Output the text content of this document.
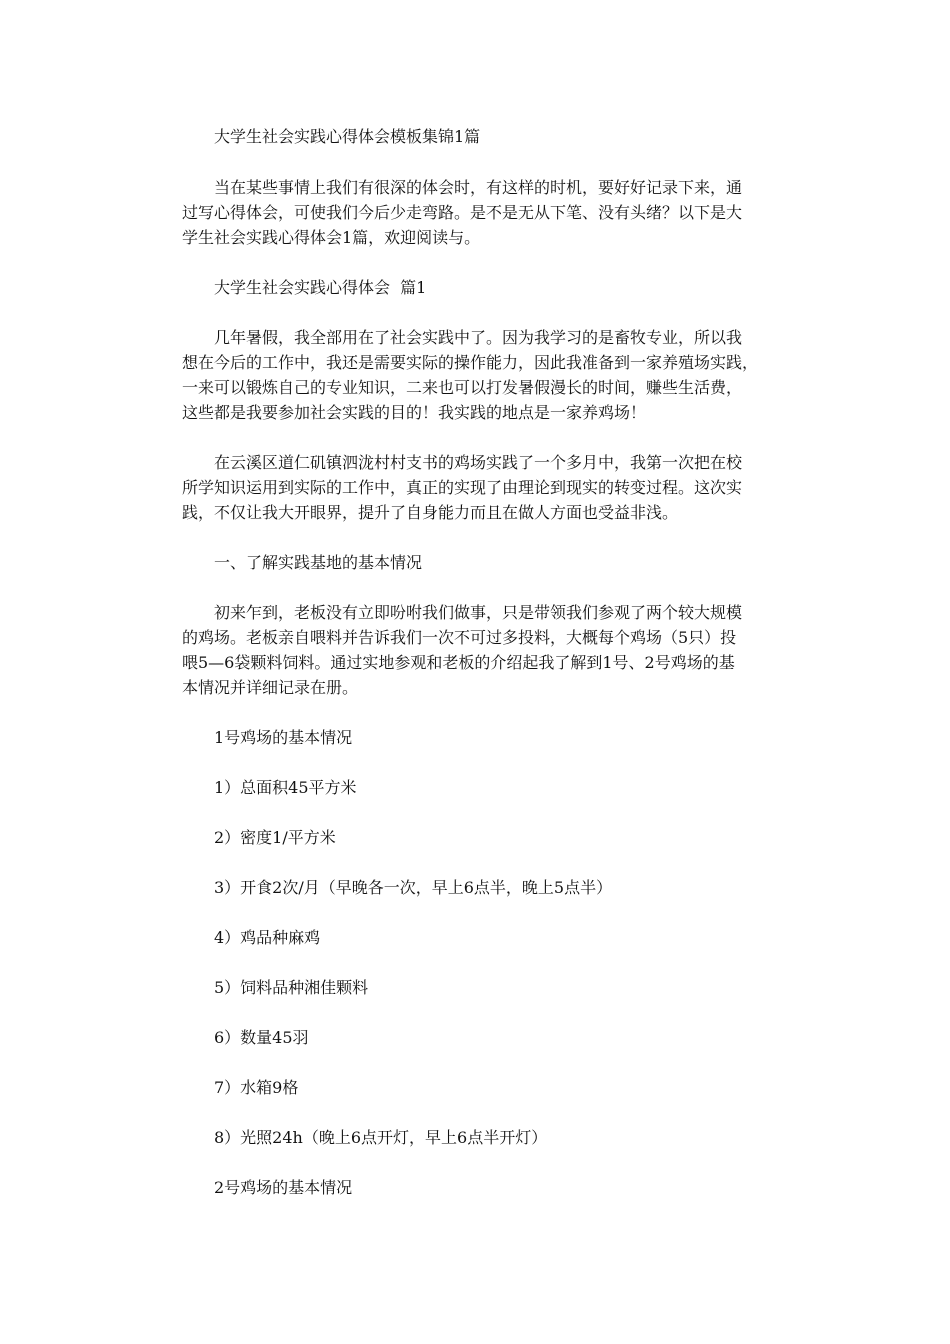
大学生社会实践心得体会模板集锦1篇
当在某些事情上我们有很深的体会时，有这样的时机，要好好记录下来，通
过写心得体会，可使我们今后少走弯路。是不是无从下笔、没有头绪？以下是大
学生社会实践心得体会1篇，欢迎阅读与。
大学生社会实践心得体会  篇1
几年暑假，我全部用在了社会实践中了。因为我学习的是畜牧专业，所以我
想在今后的工作中，我还是需要实际的操作能力，因此我准备到一家养殖场实践，
一来可以锻炼自己的专业知识，二来也可以打发暑假漫长的时间，赚些生活费，
这些都是我要参加社会实践的目的！我实践的地点是一家养鸡场！
在云溪区道仁矶镇泗泷村村支书的鸡场实践了一个多月中，我第一次把在校
所学知识运用到实际的工作中，真正的实现了由理论到现实的转变过程。这次实
践，不仅让我大开眼界，提升了自身能力而且在做人方面也受益非浅。
一、了解实践基地的基本情况
初来乍到，老板没有立即吩咐我们做事，只是带领我们参观了两个较大规模
的鸡场。老板亲自喂料并告诉我们一次不可过多投料，大概每个鸡场（5只）投
喂5—6袋颗料饲料。通过实地参观和老板的介绍起我了解到1号、2号鸡场的基
本情况并详细记录在册。
1号鸡场的基本情况
1）总面积45平方米
2）密度1/平方米
3）开食2次/月（早晚各一次，早上6点半，晚上5点半）
4）鸡品种麻鸡
5）饲料品种湘佳颗料
6）数量45羽
7）水箱9格
8）光照24h（晚上6点开灯，早上6点半开灯）
2号鸡场的基本情况
